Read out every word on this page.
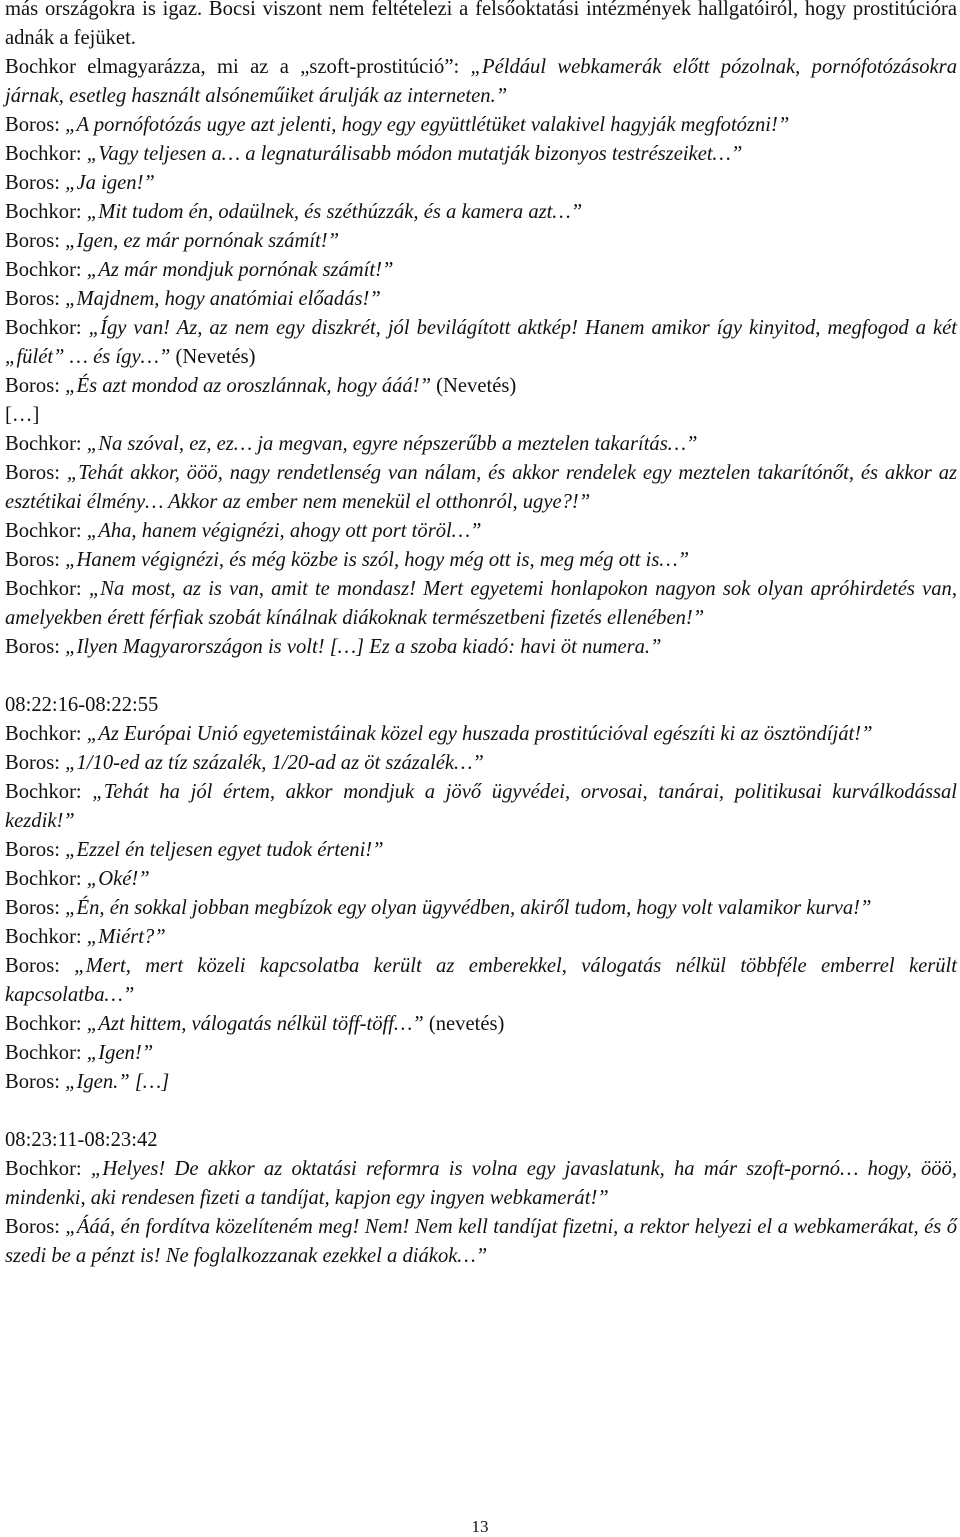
más országokra is igaz. Bocsi viszont nem feltételezi a felsőoktatási intézmények hallgatóiról, hogy prostitúcióra adnák a fejüket.

Bochkor elmagyarázza, mi az a „szoft-prostitúció”: „Például webkamerák előtt pózolnak, pornófotózásokra járnak, esetleg használt alsóneműiket árulják az interneten.”

Boros: „A pornófotózás ugye azt jelenti, hogy egy együttlétüket valakivel hagyják megfotózni!”

Bochkor: „Vagy teljesen a… a legnaturálisabb módon mutatják bizonyos testrészeiket…”

Boros: „Ja igen!”

Bochkor: „Mit tudom én, odaülnek, és széthúzzák, és a kamera azt…”

Boros: „Igen, ez már pornónak számít!”

Bochkor: „Az már mondjuk pornónak számít!”

Boros: „Majdnem, hogy anatómiai előadás!”

Bochkor: „Így van! Az, az nem egy diszkrét, jól bevilágított aktkép! Hanem amikor így kinyitod, megfogod a két „fülét” … és így…” (Nevetés)

Boros: „És azt mondod az oroszlánnak, hogy ááá!” (Nevetés)

[…]

Bochkor: „Na szóval, ez, ez… ja megvan, egyre népszerűbb a meztelen takarítás…”

Boros: „Tehát akkor, ööö, nagy rendetlenség van nálam, és akkor rendelek egy meztelen takarítónőt, és akkor az esztétikai élmény… Akkor az ember nem menekül el otthonról, ugye?!”

Bochkor: „Aha, hanem végignézi, ahogy ott port töröl…”

Boros: „Hanem végignézi, és még közbe is szól, hogy még ott is, meg még ott is…”

Bochkor: „Na most, az is van, amit te mondasz! Mert egyetemi honlapokon nagyon sok olyan apróhirdetés van, amelyekben érett férfiak szobát kínálnak diákoknak természetbeni fizetés ellenében!”

Boros: „Ilyen Magyarországon is volt! […] Ez a szoba kiadó: havi öt numera.”

08:22:16-08:22:55

Bochkor: „Az Európai Unió egyetemistáinak közel egy huszada prostitúcióval egészíti ki az ösztöndíját!”

Boros: „1/10-ed az tíz százalék, 1/20-ad az öt százalék…”

Bochkor: „Tehát ha jól értem, akkor mondjuk a jövő ügyvédei, orvosai, tanárai, politikusai kurválkodással kezdik!”

Boros: „Ezzel én teljesen egyet tudok érteni!”

Bochkor: „Oké!”

Boros: „Én, én sokkal jobban megbízok egy olyan ügyvédben, akiről tudom, hogy volt valamikor kurva!”

Bochkor: „Miért?”

Boros: „Mert, mert közeli kapcsolatba került az emberekkel, válogatás nélkül többféle emberrel került kapcsolatba…”

Bochkor: „Azt hittem, válogatás nélkül töff-töff…” (nevetés)

Bochkor: „Igen!”

Boros: „Igen.” […]

08:23:11-08:23:42

Bochkor: „Helyes! De akkor az oktatási reformra is volna egy javaslatunk, ha már szoft-pornó… hogy, ööö, mindenki, aki rendesen fizeti a tandíjat, kapjon egy ingyen webkamerát!”

Boros: „Ááá, én fordítva közelíteném meg! Nem! Nem kell tandíjat fizetni, a rektor helyezi el a webkamerákat, és ő szedi be a pénzt is! Ne foglalkozzanak ezekkel a diákok…”

13
